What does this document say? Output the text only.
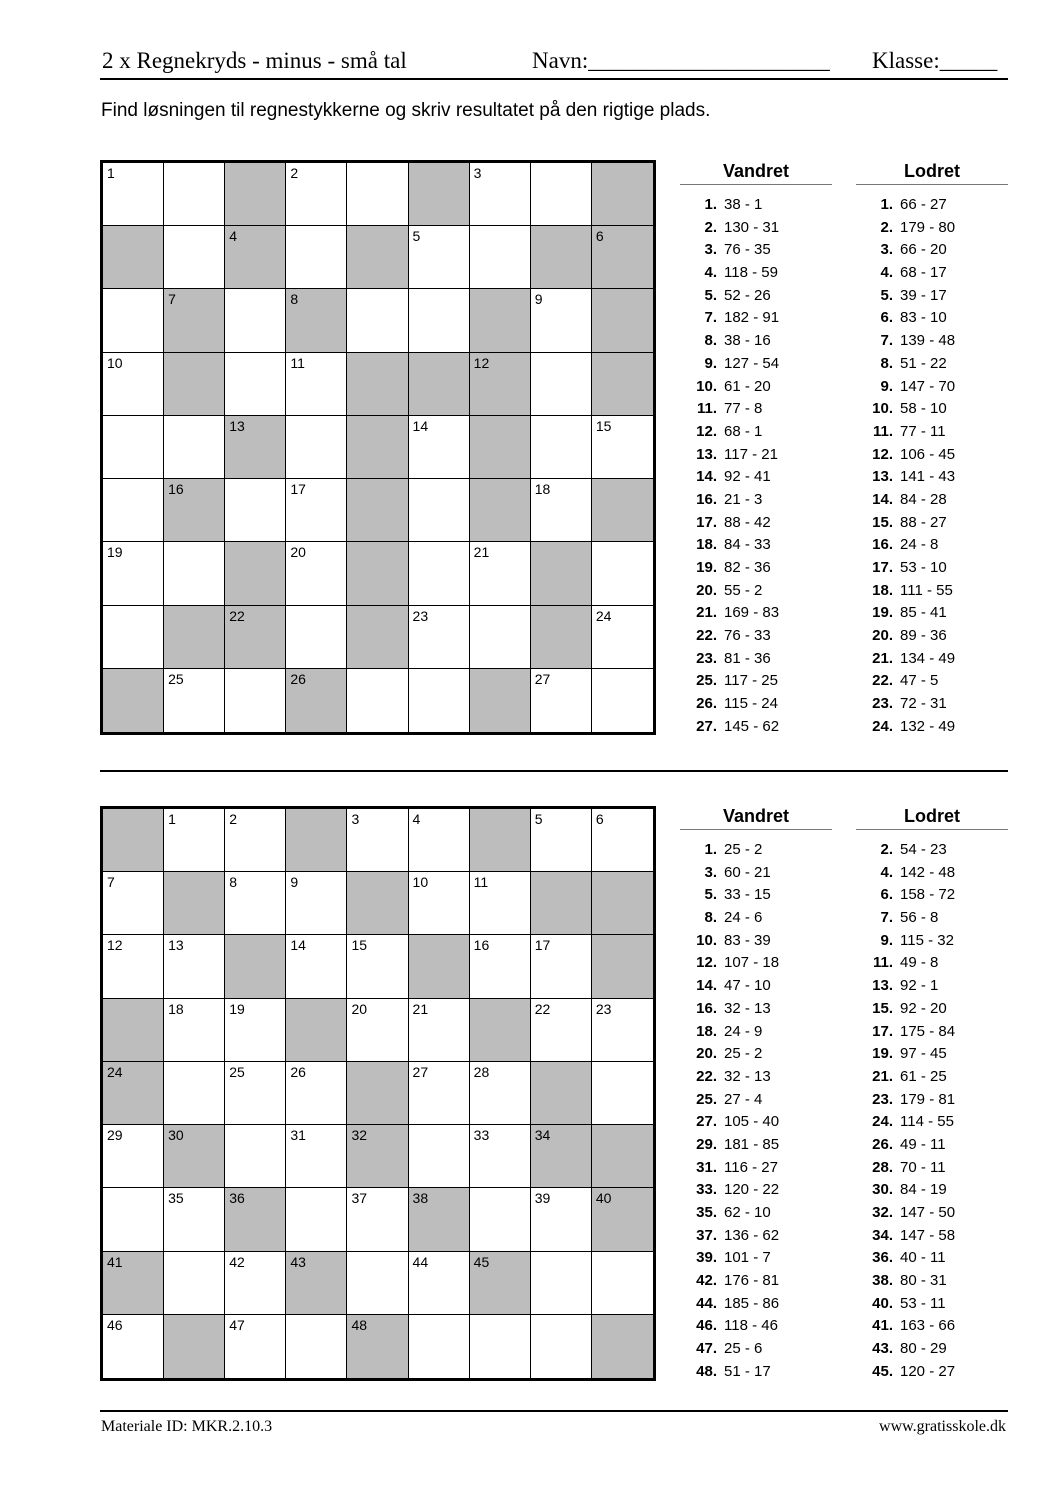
2 x Regnekryds - minus - små tal	Navn:_____________________ Klasse:_____
Find løsningen til regnestykkerne og skriv resultatet på den rigtige plads.
1	2	3
4	5	6
7	8	9
10	11	12
13	14	15
16	17	18
19	20	21
22	23	24
25	26	27
Vandret
1. 38 - 1
2. 130 - 31
3. 76 - 35
4. 118 - 59
5. 52 - 26
7. 182 - 91
8. 38 - 16
9. 127 - 54
10. 61 - 20
11. 77 - 8
12. 68 - 1
13. 117 - 21
14. 92 - 41
16. 21 - 3
17. 88 - 42
18. 84 - 33
19. 82 - 36
20. 55 - 2
21. 169 - 83
22. 76 - 33
23. 81 - 36
25. 117 - 25
26. 115 - 24
27. 145 - 62
Lodret
1. 66 - 27
2. 179 - 80
3. 66 - 20
4. 68 - 17
5. 39 - 17
6. 83 - 10
7. 139 - 48
8. 51 - 22
9. 147 - 70
10. 58 - 10
11. 77 - 11
12. 106 - 45
13. 141 - 43
14. 84 - 28
15. 88 - 27
16. 24 - 8
17. 53 - 10
18. 111 - 55
19. 85 - 41
20. 89 - 36
21. 134 - 49
22. 47 - 5
23. 72 - 31
24. 132 - 49
1	2	3	4	5	6
7	8	9	10	11
12	13	14	15	16	17
18	19	20	21	22	23
24	25	26	27	28
29	30	31	32	33	34
35	36	37	38	39	40
41	42	43	44	45
46	47	48
Vandret
1. 25 - 2
3. 60 - 21
5. 33 - 15
8. 24 - 6
10. 83 - 39
12. 107 - 18
14. 47 - 10
16. 32 - 13
18. 24 - 9
20. 25 - 2
22. 32 - 13
25. 27 - 4
27. 105 - 40
29. 181 - 85
31. 116 - 27
33. 120 - 22
35. 62 - 10
37. 136 - 62
39. 101 - 7
42. 176 - 81
44. 185 - 86
46. 118 - 46
47. 25 - 6
48. 51 - 17
Lodret
2. 54 - 23
4. 142 - 48
6. 158 - 72
7. 56 - 8
9. 115 - 32
11. 49 - 8
13. 92 - 1
15. 92 - 20
17. 175 - 84
19. 97 - 45
21. 61 - 25
23. 179 - 81
24. 114 - 55
26. 49 - 11
28. 70 - 11
30. 84 - 19
32. 147 - 50
34. 147 - 58
36. 40 - 11
38. 80 - 31
40. 53 - 11
41. 163 - 66
43. 80 - 29
45. 120 - 27
Materiale ID: MKR.2.10.3	www.gratisskole.dk
